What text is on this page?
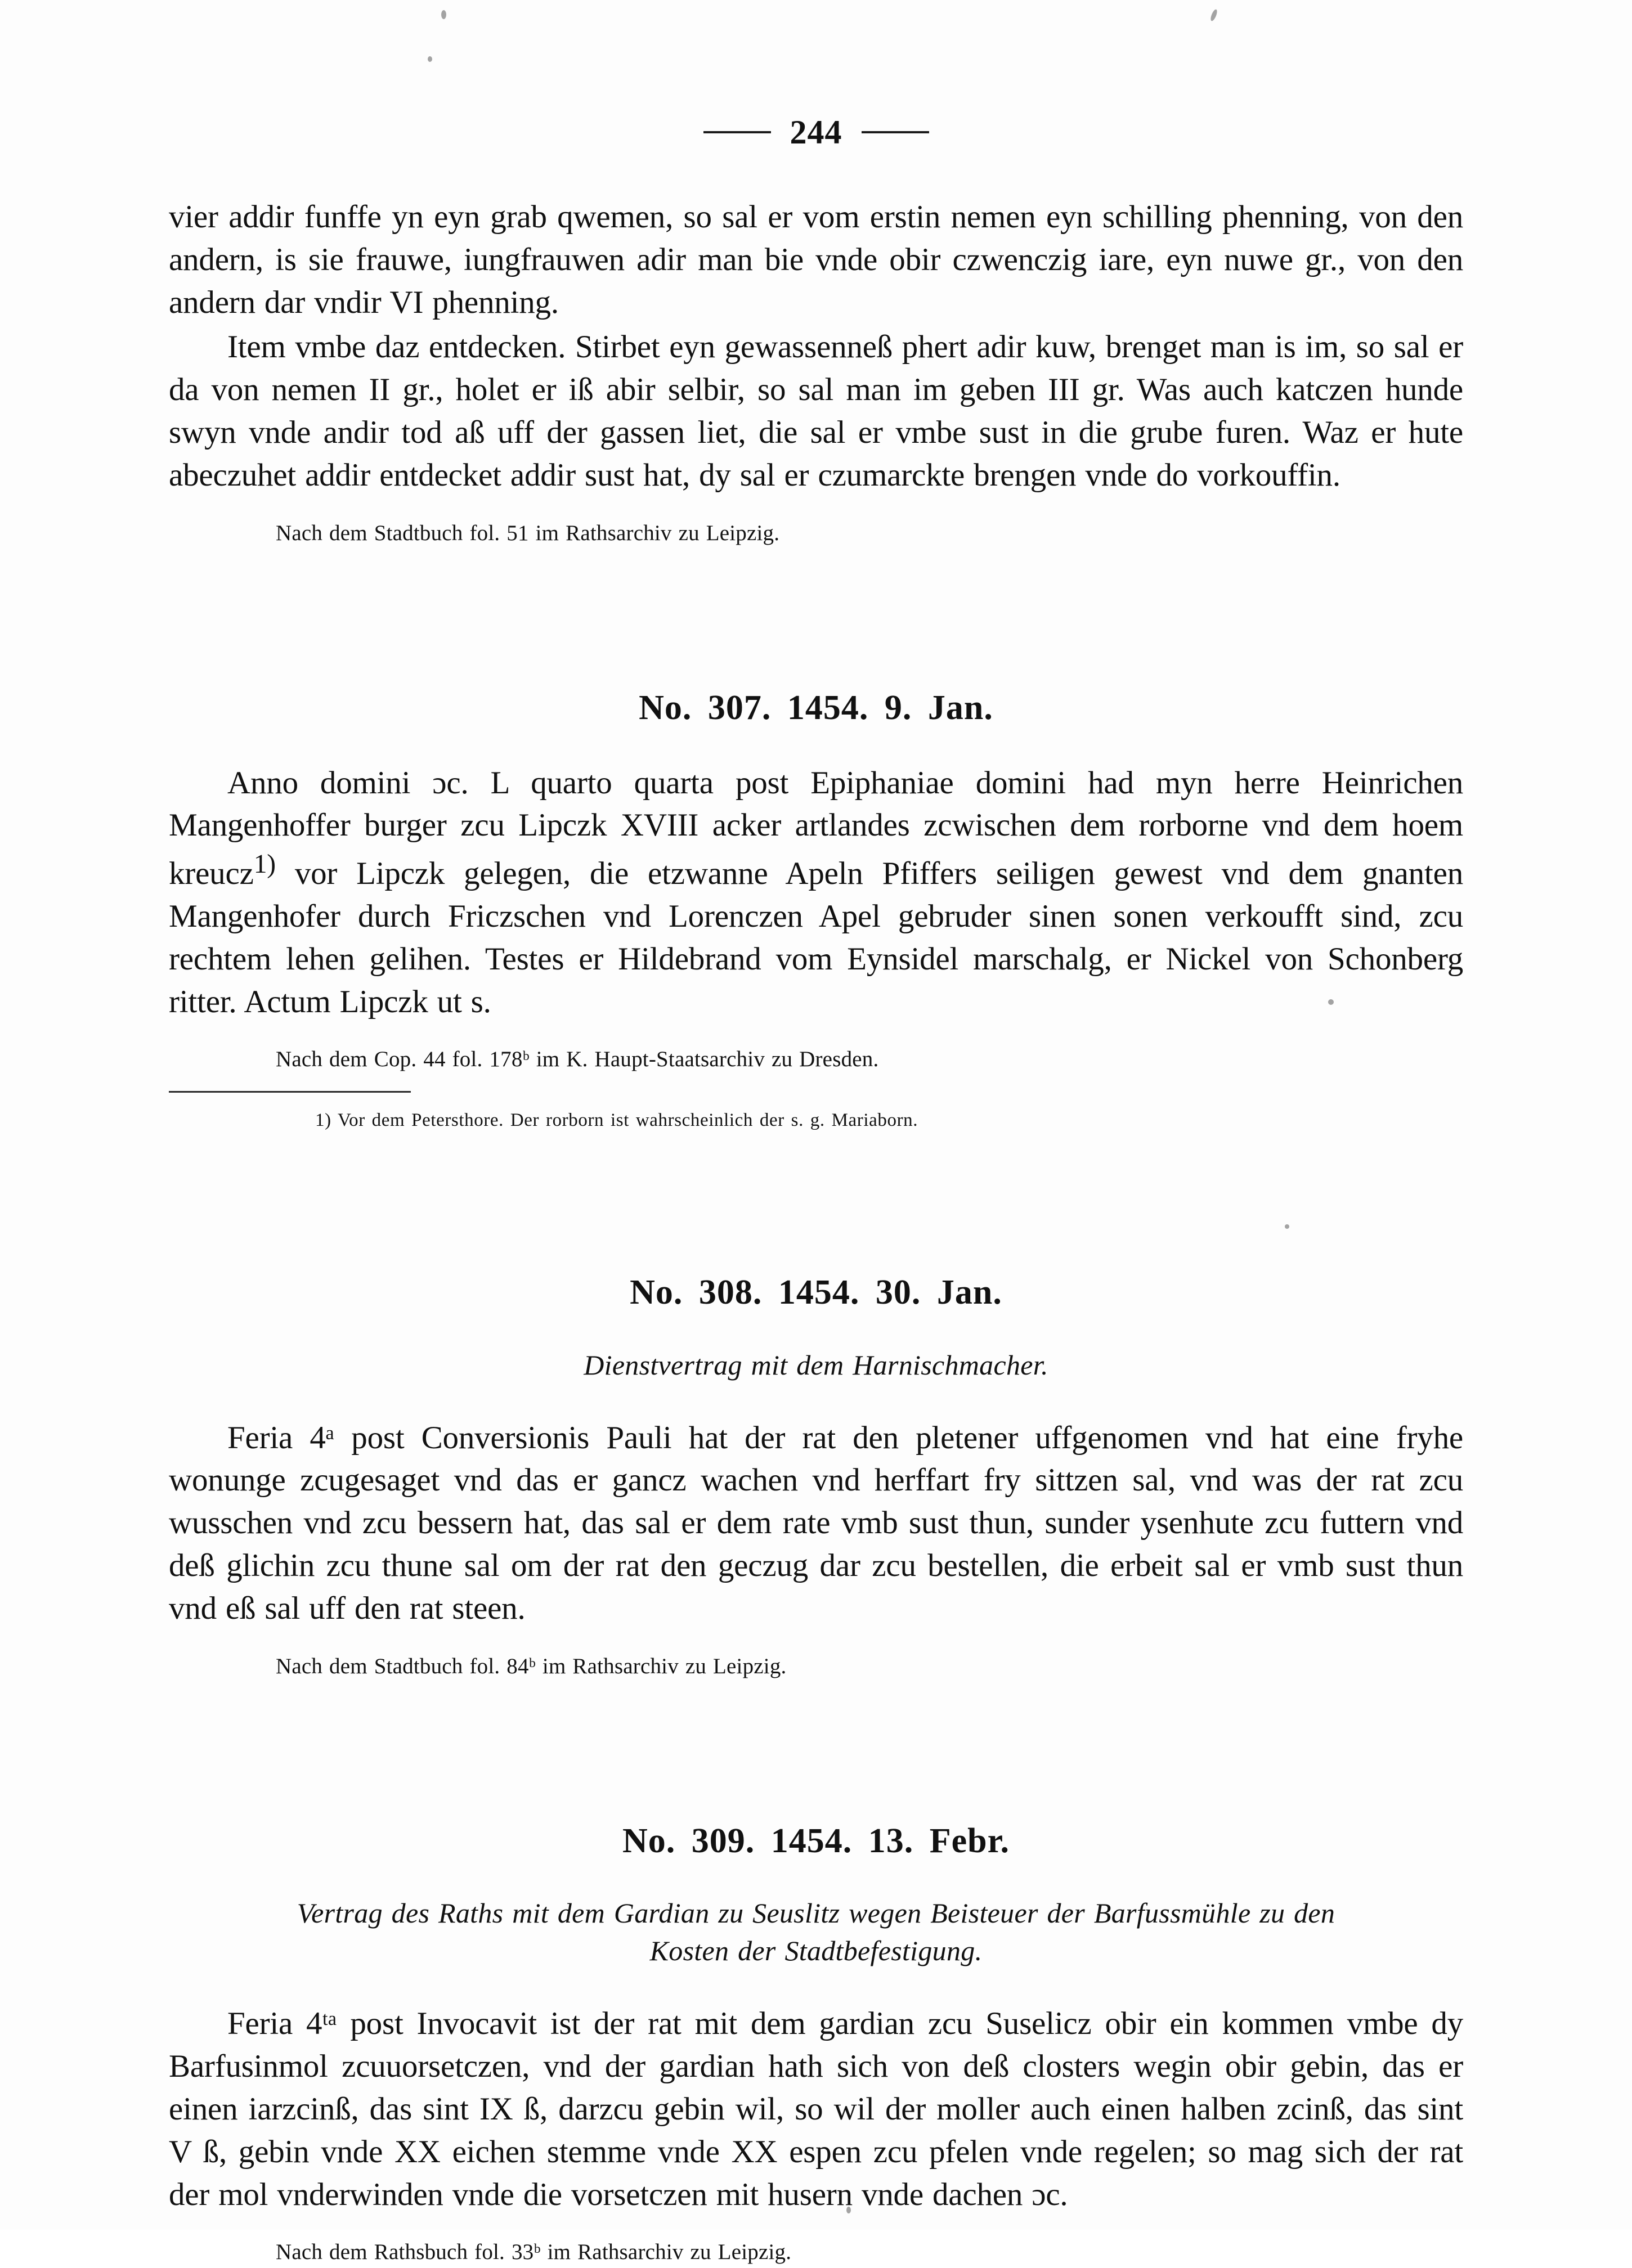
244

vier addir funffe yn eyn grab qwemen, so sal er vom erstin nemen eyn schilling phenning, von den andern, is sie frauwe, iungfrauwen adir man bie vnde obir czwenczig iare, eyn nuwe gr., von den andern dar vndir VI phenning.

Item vmbe daz entdecken. Stirbet eyn gewassenneß phert adir kuw, brenget man is im, so sal er da von nemen II gr., holet er iß abir selbir, so sal man im geben III gr. Was auch katczen hunde swyn vnde andir tod aß uff der gassen liet, die sal er vmbe sust in die grube furen. Waz er hute abeczuhet addir entdecket addir sust hat, dy sal er czumarckte brengen vnde do vorkouffin.

Nach dem Stadtbuch fol. 51 im Rathsarchiv zu Leipzig.

No. 307. 1454. 9. Jan.

Anno domini ɔc. L quarto quarta post Epiphaniae domini had myn herre Heinrichen Mangenhoffer burger zcu Lipczk XVIII acker artlandes zcwischen dem rorborne vnd dem hoem kreucz$^{1)}$ vor Lipczk gelegen, die etzwanne Apeln Pfiffers seiligen gewest vnd dem gnanten Mangenhofer durch Friczschen vnd Lorenczen Apel gebruder sinen sonen verkoufft sind, zcu rechtem lehen gelihen. Testes er Hildebrand vom Eynsidel marschalg, er Nickel von Schonberg ritter. Actum Lipczk ut s.

Nach dem Cop. 44 fol. 178ᵇ im K. Haupt-Staatsarchiv zu Dresden.

1) Vor dem Petersthore. Der rorborn ist wahrscheinlich der s. g. Mariaborn.

No. 308. 1454. 30. Jan.

Dienstvertrag mit dem Harnischmacher.

Feria 4ᵃ post Conversionis Pauli hat der rat den pletener uffgenomen vnd hat eine fryhe wonunge zcugesaget vnd das er gancz wachen vnd herffart fry sittzen sal, vnd was der rat zcu wusschen vnd zcu bessern hat, das sal er dem rate vmb sust thun, sunder ysenhute zcu futtern vnd deß glichin zcu thune sal om der rat den geczug dar zcu bestellen, die erbeit sal er vmb sust thun vnd eß sal uff den rat steen.

Nach dem Stadtbuch fol. 84ᵇ im Rathsarchiv zu Leipzig.

No. 309. 1454. 13. Febr.

Vertrag des Raths mit dem Gardian zu Seuslitz wegen Beisteuer der Barfussmühle zu den

Kosten der Stadtbefestigung.

Feria 4ᵗᵃ post Invocavit ist der rat mit dem gardian zcu Suselicz obir ein kommen vmbe dy Barfusinmol zcuuorsetczen, vnd der gardian hath sich von deß closters wegin obir gebin, das er einen iarzcinß, das sint IX ß, darzcu gebin wil, so wil der moller auch einen halben zcinß, das sint V ß, gebin vnde XX eichen stemme vnde XX espen zcu pfelen vnde regelen; so mag sich der rat der mol vnderwinden vnde die vorsetczen mit husern vnde dachen ɔc.

Nach dem Rathsbuch fol. 33ᵇ im Rathsarchiv zu Leipzig.
